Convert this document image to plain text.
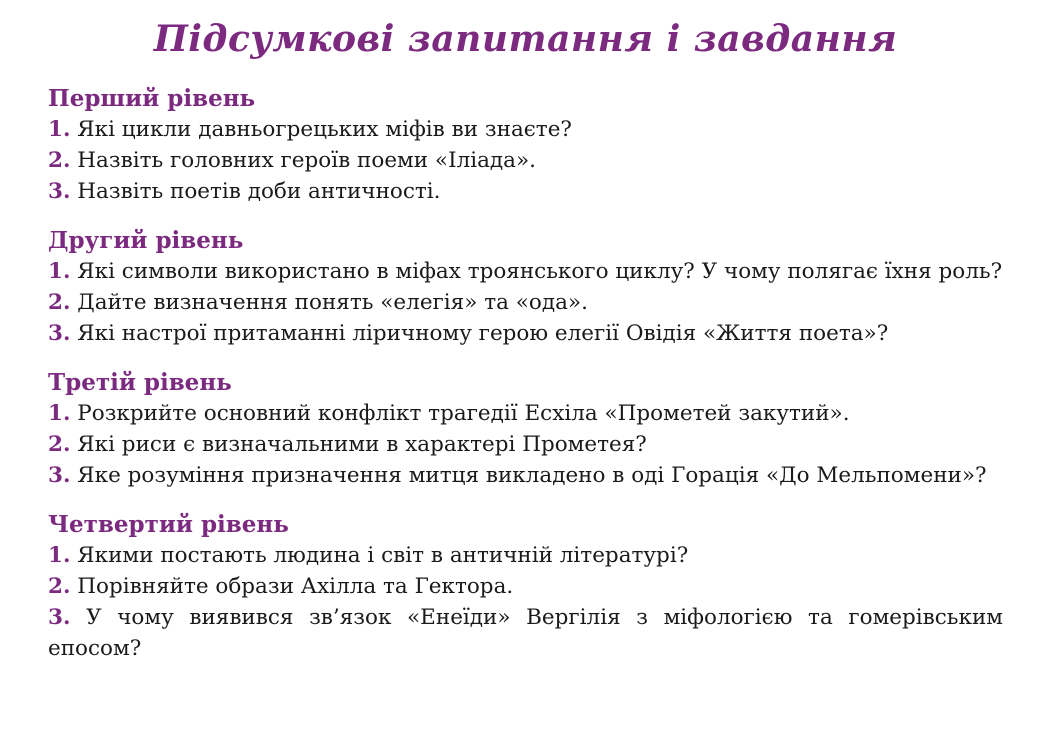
Підсумкові запитання і завдання

Перший рівень

1. Які цикли давньогрецьких міфів ви знаєте?

2. Назвіть головних героїв поеми «Іліада».

3. Назвіть поетів доби античності.

Другий рівень

1. Які символи використано в міфах троянського циклу? У чому полягає їхня роль?

2. Дайте визначення понять «елегія» та «ода».

3. Які настрої притаманні ліричному герою елегії Овідія «Життя поета»?

Третій рівень

1. Розкрийте основний конфлікт трагедії Есхіла «Прометей закутий».

2. Які риси є визначальними в характері Прометея?

3. Яке розуміння призначення митця викладено в оді Горація «До Мельпомени»?

Четвертий рівень

1. Якими постають людина і світ в античній літературі?

2. Порівняйте образи Ахілла та Гектора.

3. У чому виявився зв’язок «Енеїди» Вергілія з міфологією та гомерівським епосом?
